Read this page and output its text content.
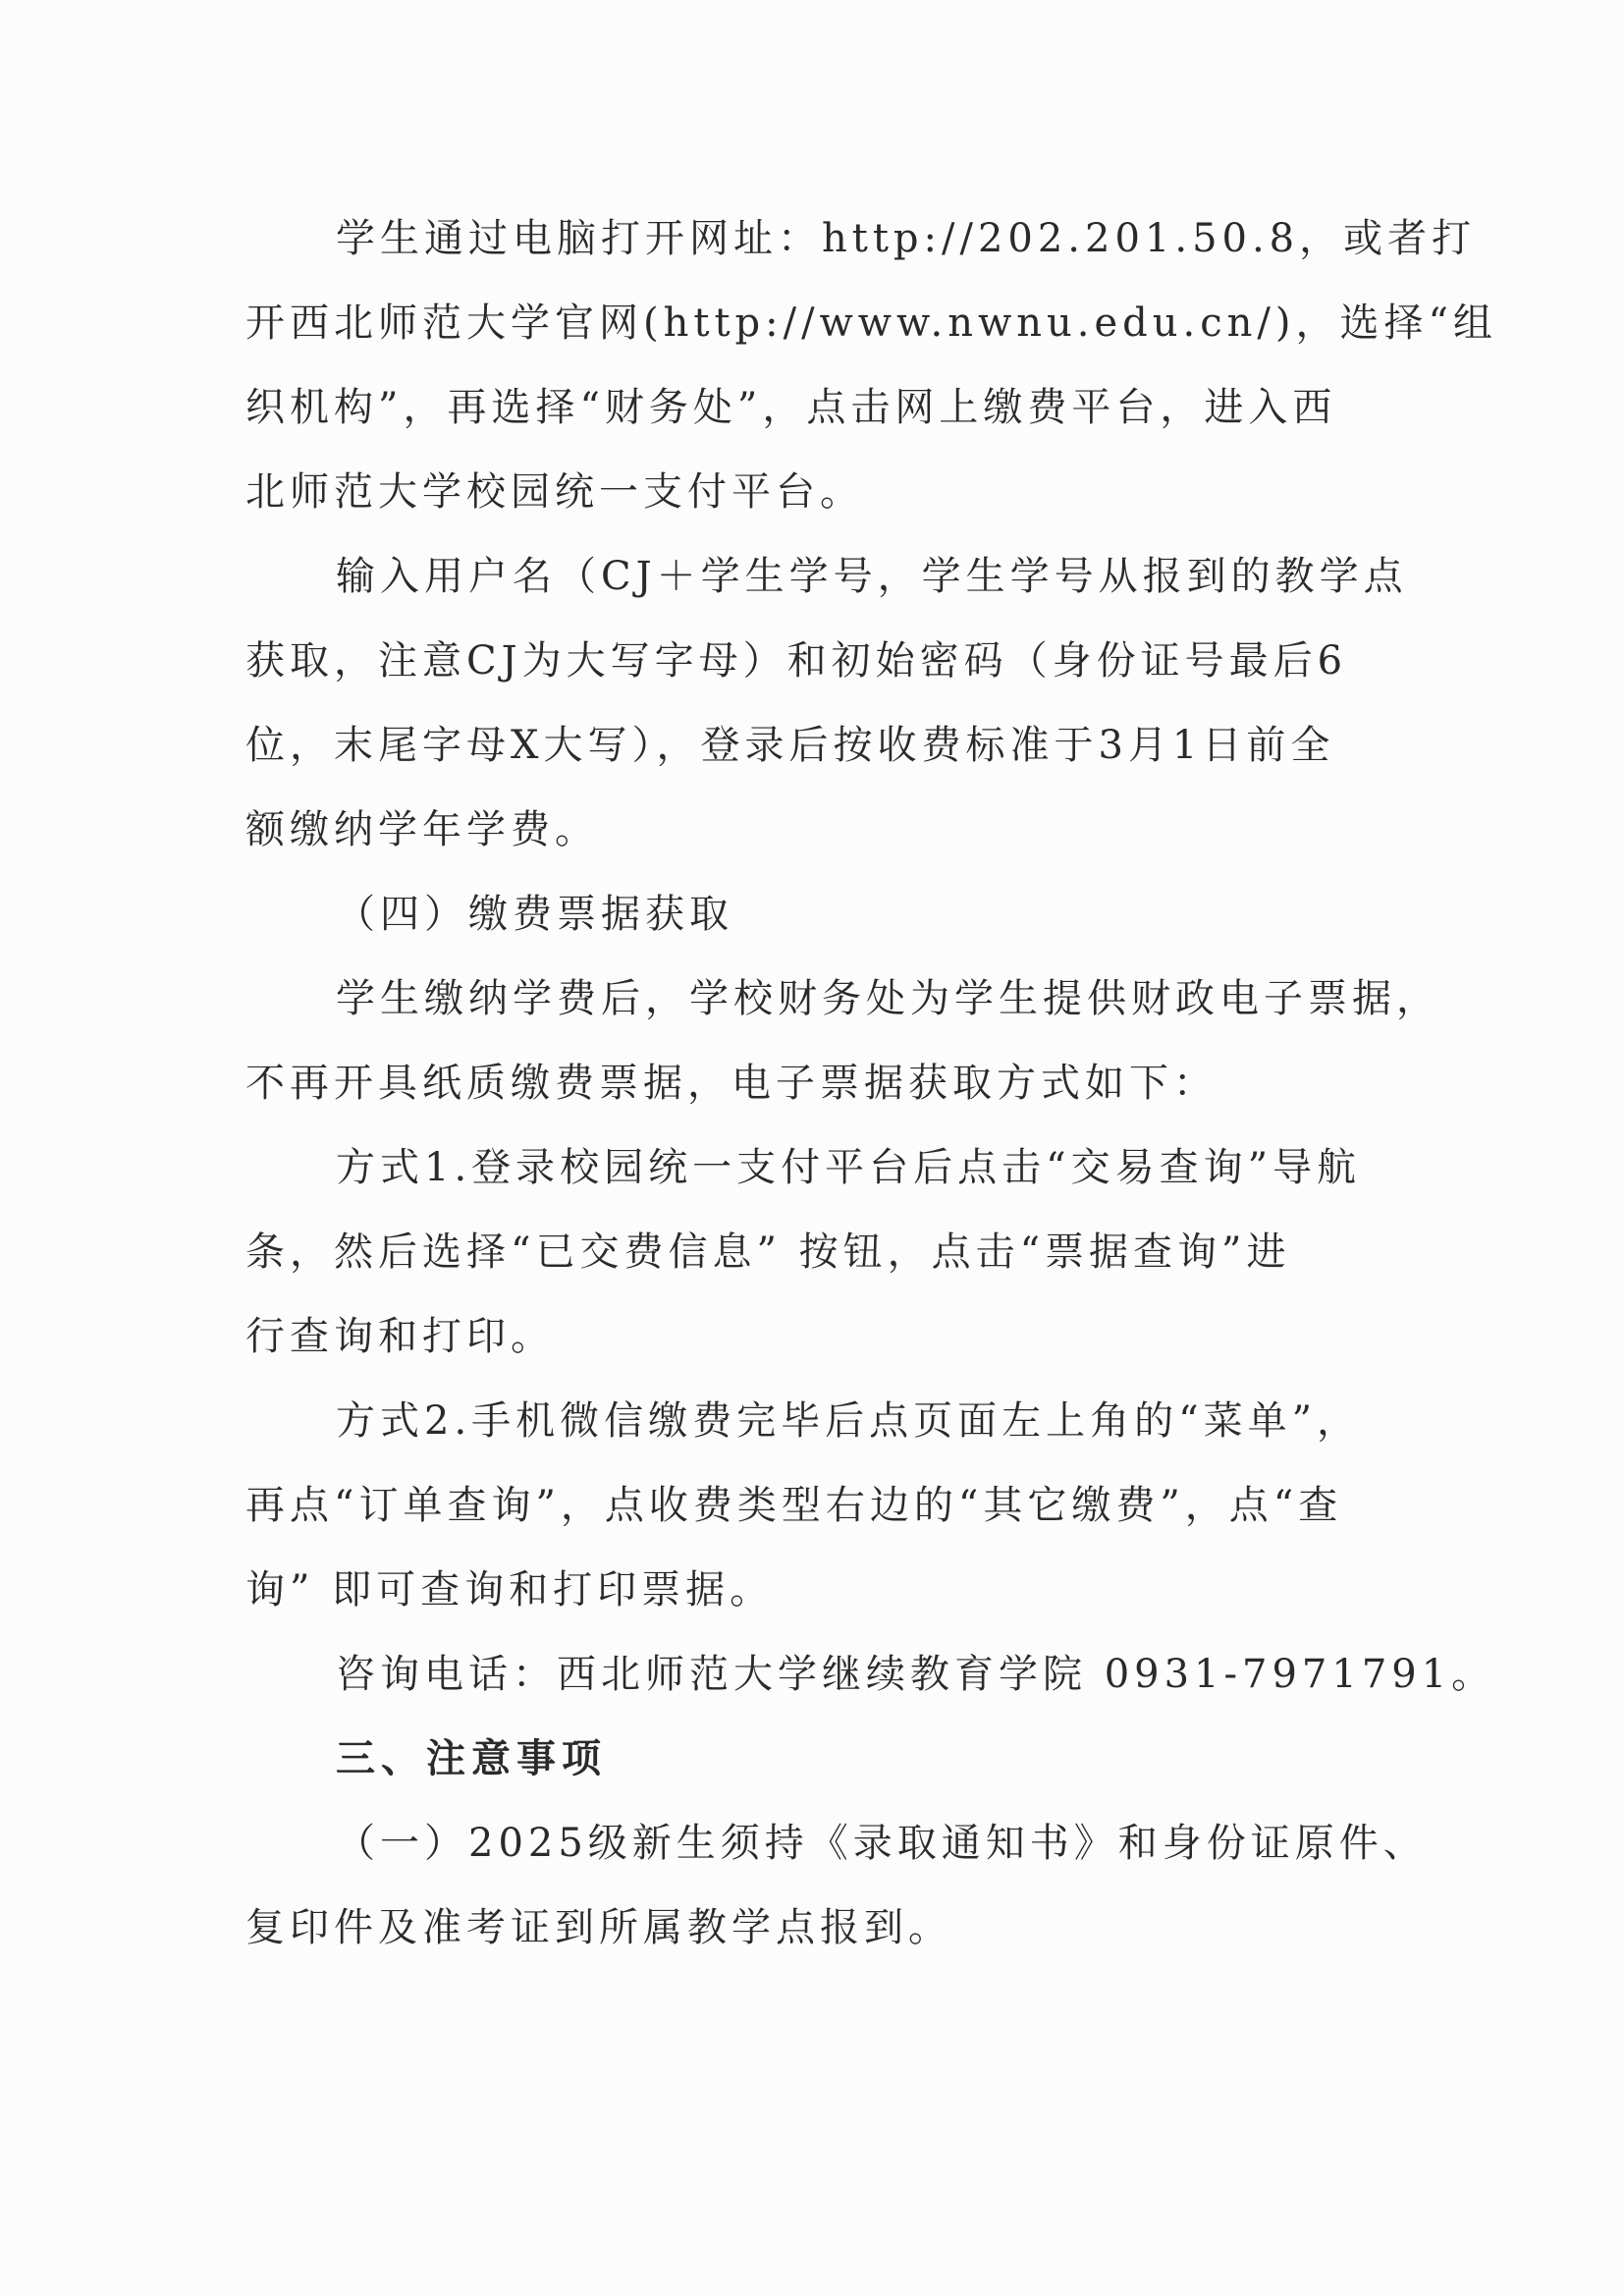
学生通过电脑打开网址：http://202.201.50.8，或者打
开西北师范大学官网(http://www.nwnu.edu.cn/)，选择“组
织机构”，再选择“财务处”，点击网上缴费平台，进入西
北师范大学校园统一支付平台。
输入用户名（CJ＋学生学号，学生学号从报到的教学点
获取，注意CJ为大写字母）和初始密码（身份证号最后6
位，末尾字母X大写），登录后按收费标准于3月1日前全
额缴纳学年学费。
（四）缴费票据获取
学生缴纳学费后，学校财务处为学生提供财政电子票据，
不再开具纸质缴费票据，电子票据获取方式如下：
方式1.登录校园统一支付平台后点击“交易查询”导航
条，然后选择“已交费信息” 按钮，点击“票据查询”进
行查询和打印。
方式2.手机微信缴费完毕后点页面左上角的“菜单”，
再点“订单查询”，点收费类型右边的“其它缴费”，点“查
询” 即可查询和打印票据。
咨询电话：西北师范大学继续教育学院 0931-7971791。
三、注意事项
（一）2025级新生须持《录取通知书》和身份证原件、
复印件及准考证到所属教学点报到。
